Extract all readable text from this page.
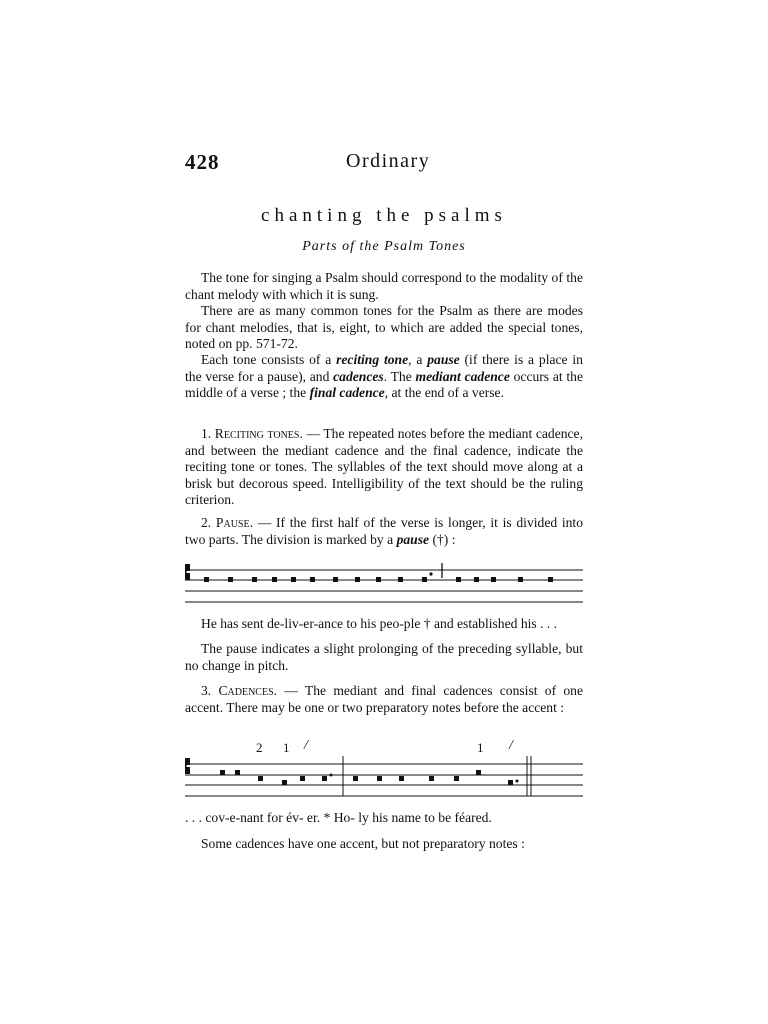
428	Ordinary
chanting the psalms
Parts of the Psalm Tones
The tone for singing a Psalm should correspond to the modality of the chant melody with which it is sung.
There are as many common tones for the Psalm as there are modes for chant melodies, that is, eight, to which are added the special tones, noted on pp. 571-72.
Each tone consists of a reciting tone, a pause (if there is a place in the verse for a pause), and cadences. The mediant cadence occurs at the middle of a verse ; the final cadence, at the end of a verse.
1. Reciting tones. — The repeated notes before the mediant cadence, and between the mediant cadence and the final cadence, indicate the reciting tone or tones. The syllables of the text should move along at a brisk but decorous speed. Intelligibility of the text should be the ruling criterion.
2. Pause. — If the first half of the verse is longer, it is divided into two parts. The division is marked by a pause (†) :
He has sent de-liv-er-ance to his peo-ple † and established his . . .
The pause indicates a slight prolonging of the preceding syllable, but no change in pitch.
3. Cadences. — The mediant and final cadences consist of one accent. There may be one or two preparatory notes before the accent :
2 1 /	1 /
. . . cov-e-nant for év- er. * Ho- ly his name to be féared.
Some cadences have one accent, but not preparatory notes :
